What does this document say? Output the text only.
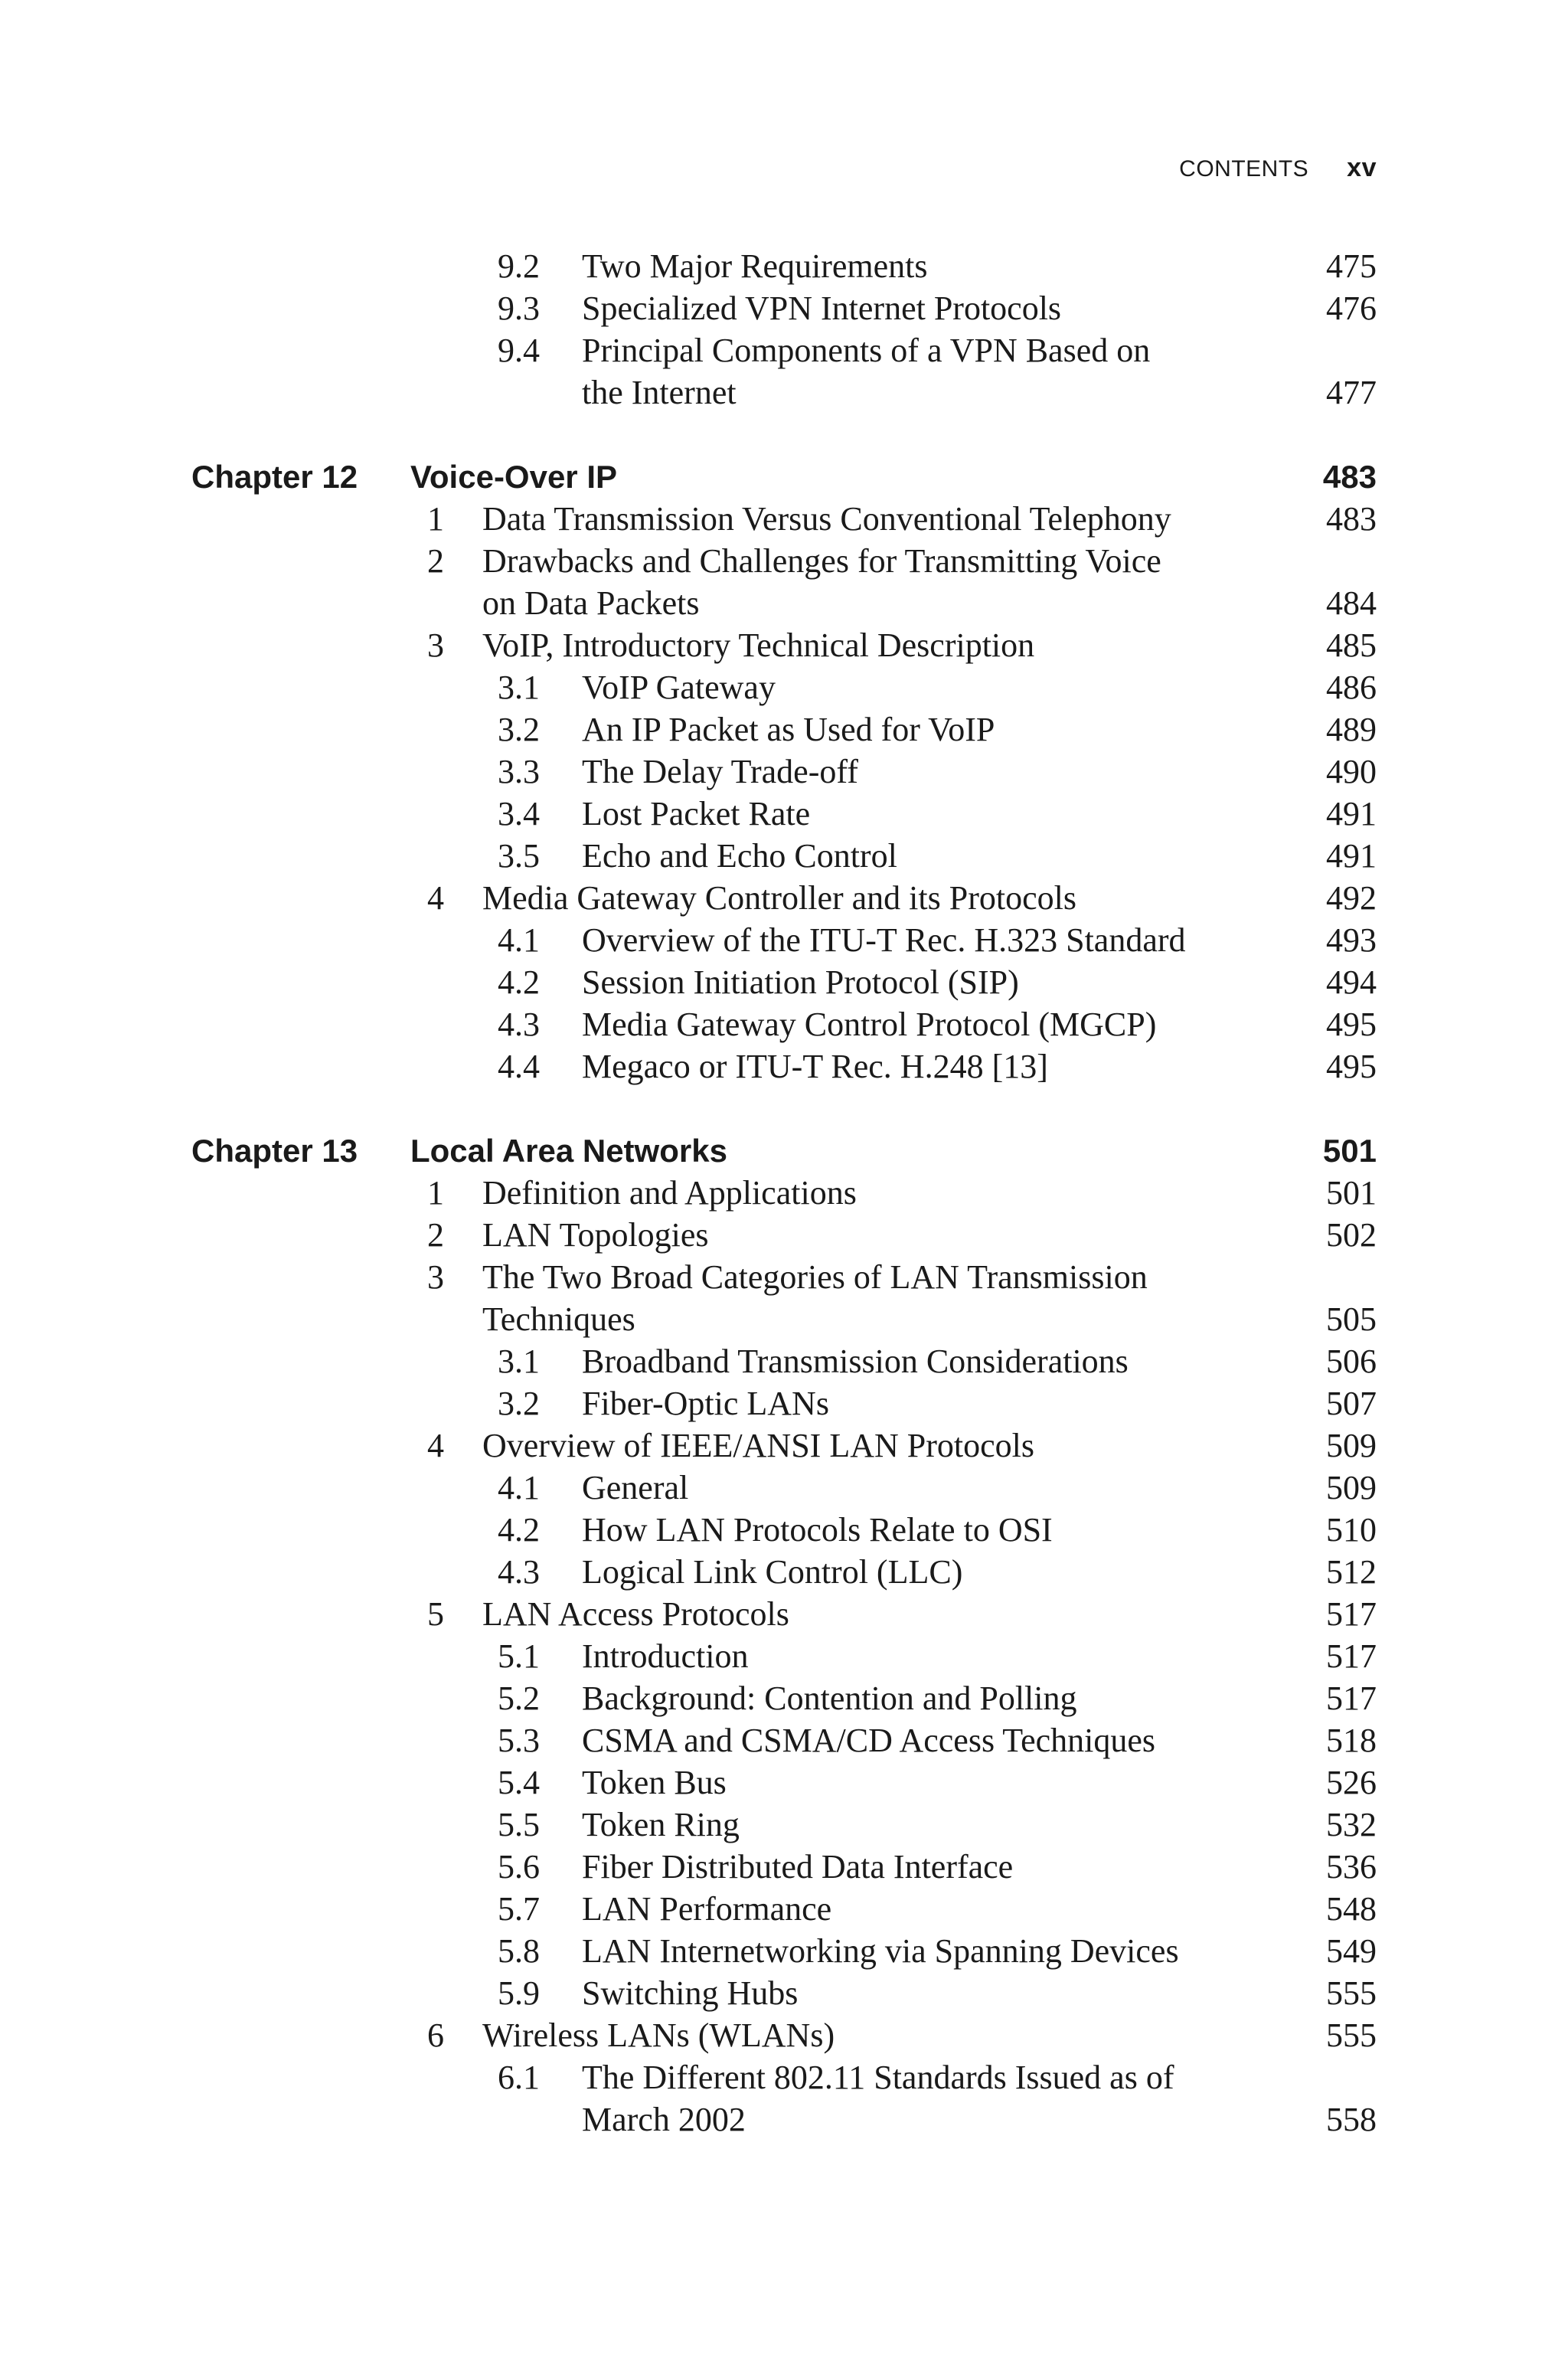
CONTENTS xv
9.2 Two Major Requirements	475
9.3 Specialized VPN Internet Protocols	476
9.4 Principal Components of a VPN Based on
the Internet	477
Chapter 12 Voice-Over IP	483
1 Data Transmission Versus Conventional Telephony	483
2 Drawbacks and Challenges for Transmitting Voice
on Data Packets	484
3 VoIP, Introductory Technical Description	485
3.1 VoIP Gateway	486
3.2 An IP Packet as Used for VoIP	489
3.3 The Delay Trade-off	490
3.4 Lost Packet Rate	491
3.5 Echo and Echo Control	491
4 Media Gateway Controller and its Protocols	492
4.1 Overview of the ITU-T Rec. H.323 Standard	493
4.2 Session Initiation Protocol (SIP)	494
4.3 Media Gateway Control Protocol (MGCP)	495
4.4 Megaco or ITU-T Rec. H.248 [13]	495
Chapter 13 Local Area Networks	501
1 Definition and Applications	501
2 LAN Topologies	502
3 The Two Broad Categories of LAN Transmission
Techniques	505
3.1 Broadband Transmission Considerations	506
3.2 Fiber-Optic LANs	507
4 Overview of IEEE/ANSI LAN Protocols	509
4.1 General	509
4.2 How LAN Protocols Relate to OSI	510
4.3 Logical Link Control (LLC)	512
5 LAN Access Protocols	517
5.1 Introduction	517
5.2 Background: Contention and Polling	517
5.3 CSMA and CSMA/CD Access Techniques	518
5.4 Token Bus	526
5.5 Token Ring	532
5.6 Fiber Distributed Data Interface	536
5.7 LAN Performance	548
5.8 LAN Internetworking via Spanning Devices	549
5.9 Switching Hubs	555
6 Wireless LANs (WLANs)	555
6.1 The Different 802.11 Standards Issued as of
March 2002	558
